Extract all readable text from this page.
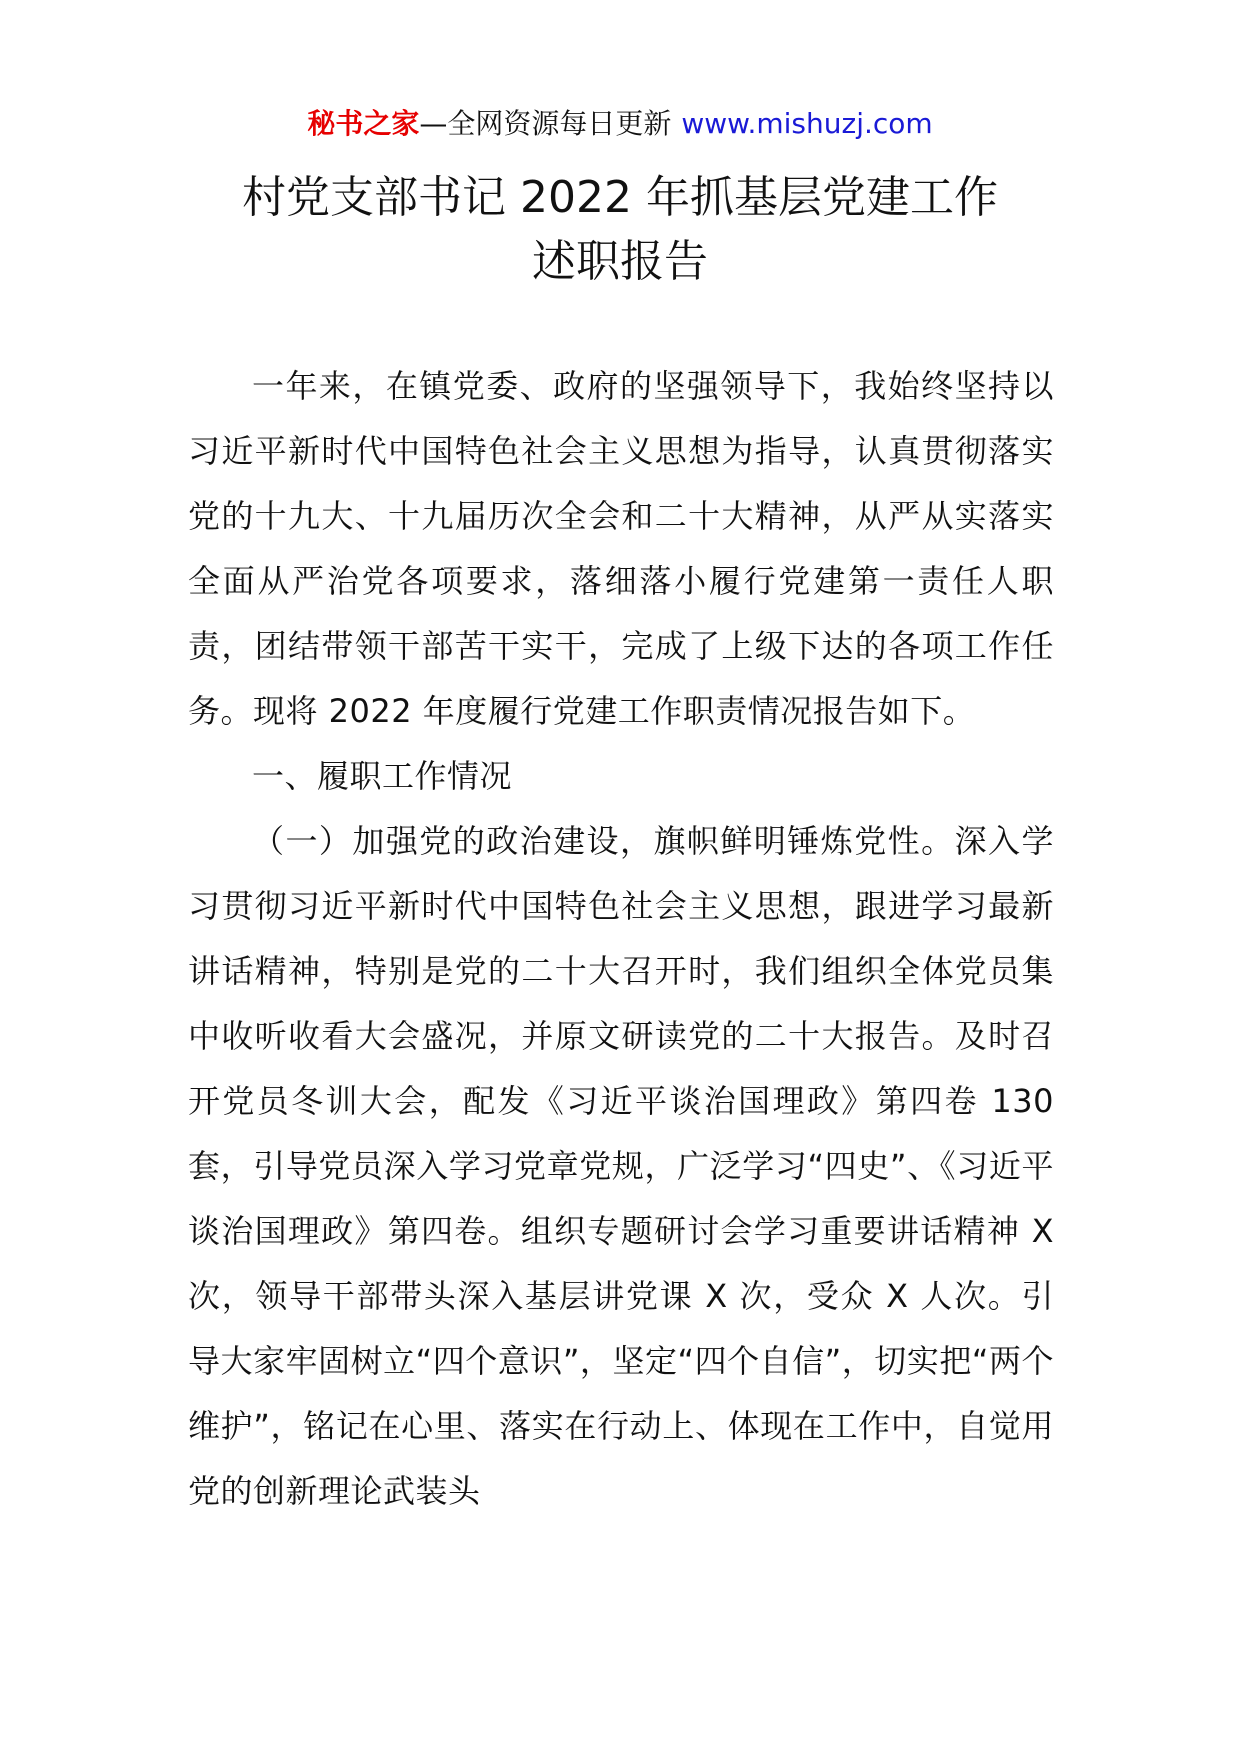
秘书之家—全网资源每日更新 www.mishuzj.com
村党支部书记 2022 年抓基层党建工作
述职报告

一年来，在镇党委、政府的坚强领导下，我始终坚持以习近平新时代中国特色社会主义思想为指导，认真贯彻落实党的十九大、十九届历次全会和二十大精神，从严从实落实全面从严治党各项要求，落细落小履行党建第一责任人职责，团结带领干部苦干实干，完成了上级下达的各项工作任务。现将 2022 年度履行党建工作职责情况报告如下。

一、履职工作情况

（一）加强党的政治建设，旗帜鲜明锤炼党性。深入学习贯彻习近平新时代中国特色社会主义思想，跟进学习最新讲话精神，特别是党的二十大召开时，我们组织全体党员集中收听收看大会盛况，并原文研读党的二十大报告。及时召开党员冬训大会，配发《习近平谈治国理政》第四卷 130 套，引导党员深入学习党章党规，广泛学习“四史”、《习近平谈治国理政》第四卷。组织专题研讨会学习重要讲话精神 X 次，领导干部带头深入基层讲党课 X 次，受众 X 人次。引导大家牢固树立“四个意识”，坚定“四个自信”，切实把“两个维护”，铭记在心里、落实在行动上、体现在工作中，自觉用党的创新理论武装头
